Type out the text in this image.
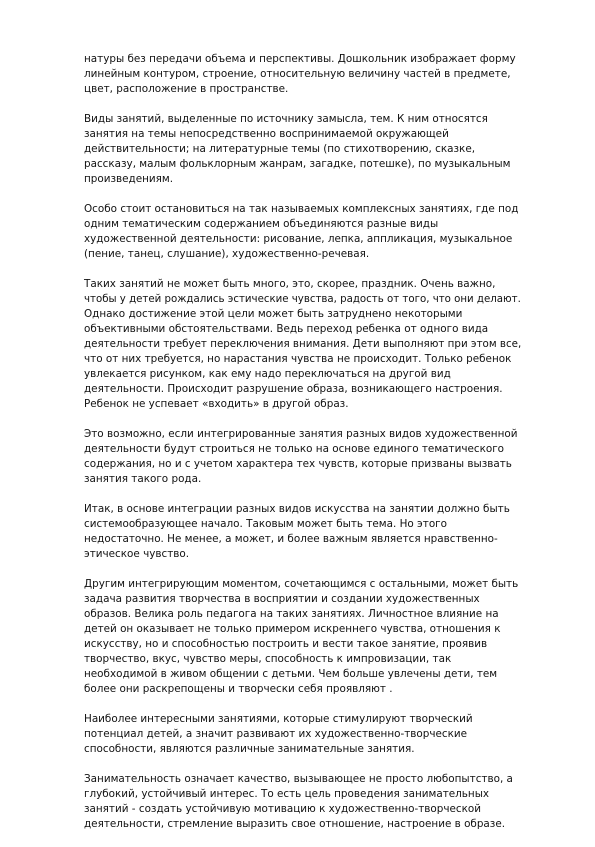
натуры без передачи объема и перспективы. Дошкольник изображает форму
линейным контуром, строение, относительную величину частей в предмете,
цвет, расположение в пространстве.
Виды занятий, выделенные по источнику замысла, тем. К ним относятся
занятия на темы непосредственно воспринимаемой окружающей
действительности; на литературные темы (по стихотворению, сказке,
рассказу, малым фольклорным жанрам, загадке, потешке), по музыкальным
произведениям.
Особо стоит остановиться на так называемых комплексных занятиях, где под
одним тематическим содержанием объединяются разные виды
художественной деятельности: рисование, лепка, аппликация, музыкальное
(пение, танец, слушание), художественно-речевая.
Таких занятий не может быть много, это, скорее, праздник. Очень важно,
чтобы у детей рождались эстические чувства, радость от того, что они делают.
Однако достижение этой цели может быть затруднено некоторыми
объективными обстоятельствами. Ведь переход ребенка от одного вида
деятельности требует переключения внимания. Дети выполняют при этом все,
что от них требуется, но нарастания чувства не происходит. Только ребенок
увлекается рисунком, как ему надо переключаться на другой вид
деятельности. Происходит разрушение образа, возникающего настроения.
Ребенок не успевает «входить» в другой образ.
Это возможно, если интегрированные занятия разных видов художественной
деятельности будут строиться не только на основе единого тематического
содержания, но и с учетом характера тех чувств, которые призваны вызвать
занятия такого рода.
Итак, в основе интеграции разных видов искусства на занятии должно быть
системообразующее начало. Таковым может быть тема. Но этого
недостаточно. Не менее, а может, и более важным является нравственно-
этическое чувство.
Другим интегрирующим моментом, сочетающимся с остальными, может быть
задача развития творчества в восприятии и создании художественных
образов. Велика роль педагога на таких занятиях. Личностное влияние на
детей он оказывает не только примером искреннего чувства, отношения к
искусству, но и способностью построить и вести такое занятие, проявив
творчество, вкус, чувство меры, способность к импровизации, так
необходимой в живом общении с детьми. Чем больше увлечены дети, тем
более они раскрепощены и творчески себя проявляют .
Наиболее интересными занятиями, которые стимулируют творческий
потенциал детей, а значит развивают их художественно-творческие
способности, являются различные занимательные занятия.
Занимательность означает качество, вызывающее не просто любопытство, а
глубокий, устойчивый интерес. То есть цель проведения занимательных
занятий - создать устойчивую мотивацию к художественно-творческой
деятельности, стремление выразить свое отношение, настроение в образе.
